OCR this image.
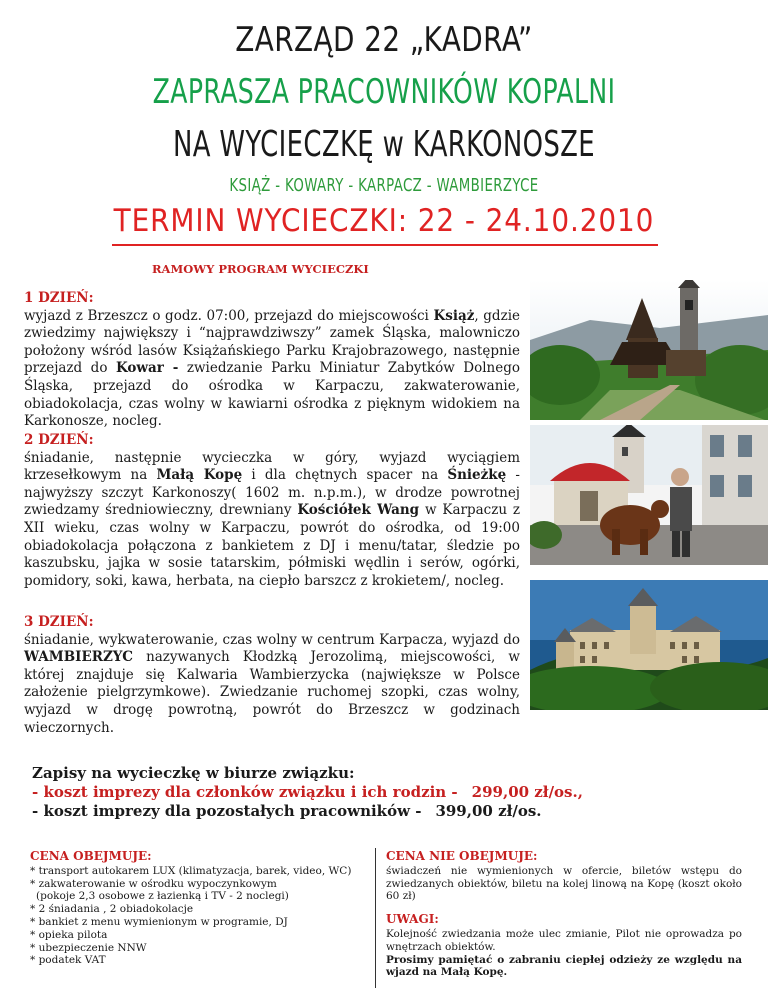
ZARZĄD 22 „KADRA”
ZAPRASZA PRACOWNIKÓW KOPALNI
NA WYCIECZKĘ w KARKONOSZE
KSIĄŻ - KOWARY - KARPACZ - WAMBIERZYCE
TERMIN WYCIECZKI: 22 - 24.10.2010
RAMOWY PROGRAM WYCIECZKI
1 DZIEŃ:
wyjazd z Brzeszcz o godz. 07:00, przejazd do miejscowości Książ, gdzie zwiedzimy największy i “najprawdziwszy” zamek Śląska, malowniczo położony wśród lasów Książańskiego Parku Krajobrazowego, następnie przejazd do Kowar - zwiedzanie Parku Miniatur Zabytków Dolnego Śląska, przejazd do ośrodka w Karpaczu, zakwaterowanie, obiadokolacja, czas wolny w kawiarni ośrodka z pięknym widokiem na Karkonosze, nocleg.
2 DZIEŃ:
śniadanie, następnie wycieczka w góry, wyjazd wyciągiem krzesełkowym na Małą Kopę i dla chętnych spacer na Śnieżkę - najwyższy szczyt Karkonoszy( 1602 m. n.p.m.), w drodze powrotnej zwiedzamy średniowieczny, drewniany Kościółek Wang w Karpaczu z XII wieku, czas wolny w Karpaczu, powrót do ośrodka, od 19:00 obiadokolacja połączona z bankietem z DJ i menu/tatar, śledzie po kaszubsku, jajka w sosie tatarskim, półmiski wędlin i serów, ogórki, pomidory, soki, kawa, herbata, na ciepło barszcz z krokietem/, nocleg.
3 DZIEŃ:
śniadanie, wykwaterowanie, czas wolny w centrum Karpacza, wyjazd do WAMBIERZYC nazywanych Kłodzką Jerozolimą, miejscowości, w której znajduje się Kalwaria Wambierzycka (największe w Polsce założenie pielgrzymkowe). Zwiedzanie ruchomej szopki, czas wolny, wyjazd w drogę powrotną, powrót do Brzeszcz w godzinach wieczornych.
Zapisy na wycieczkę w biurze związku:
- koszt imprezy dla członków związku i ich rodzin - 299,00 zł/os.,
- koszt imprezy dla pozostałych pracowników - 399,00 zł/os.
CENA OBEJMUJE:
* transport autokarem LUX (klimatyzacja, barek, video, WC)
* zakwaterowanie w ośrodku wypoczynkowym
(pokoje 2,3 osobowe z łazienką i TV - 2 noclegi)
* 2 śniadania , 2 obiadokolacje
* bankiet z menu wymienionym w programie, DJ
* opieka pilota
* ubezpieczenie NNW
* podatek VAT
CENA NIE OBEJMUJE:
świadczeń nie wymienionych w ofercie, biletów wstępu do zwiedzanych obiektów, biletu na kolej linową na Kopę (koszt około 60 zł)
UWAGI:
Kolejność zwiedzania może ulec zmianie, Pilot nie oprowadza po wnętrzach obiektów.
Prosimy pamiętać o zabraniu ciepłej odzieży ze względu na wjazd na Małą Kopę.
